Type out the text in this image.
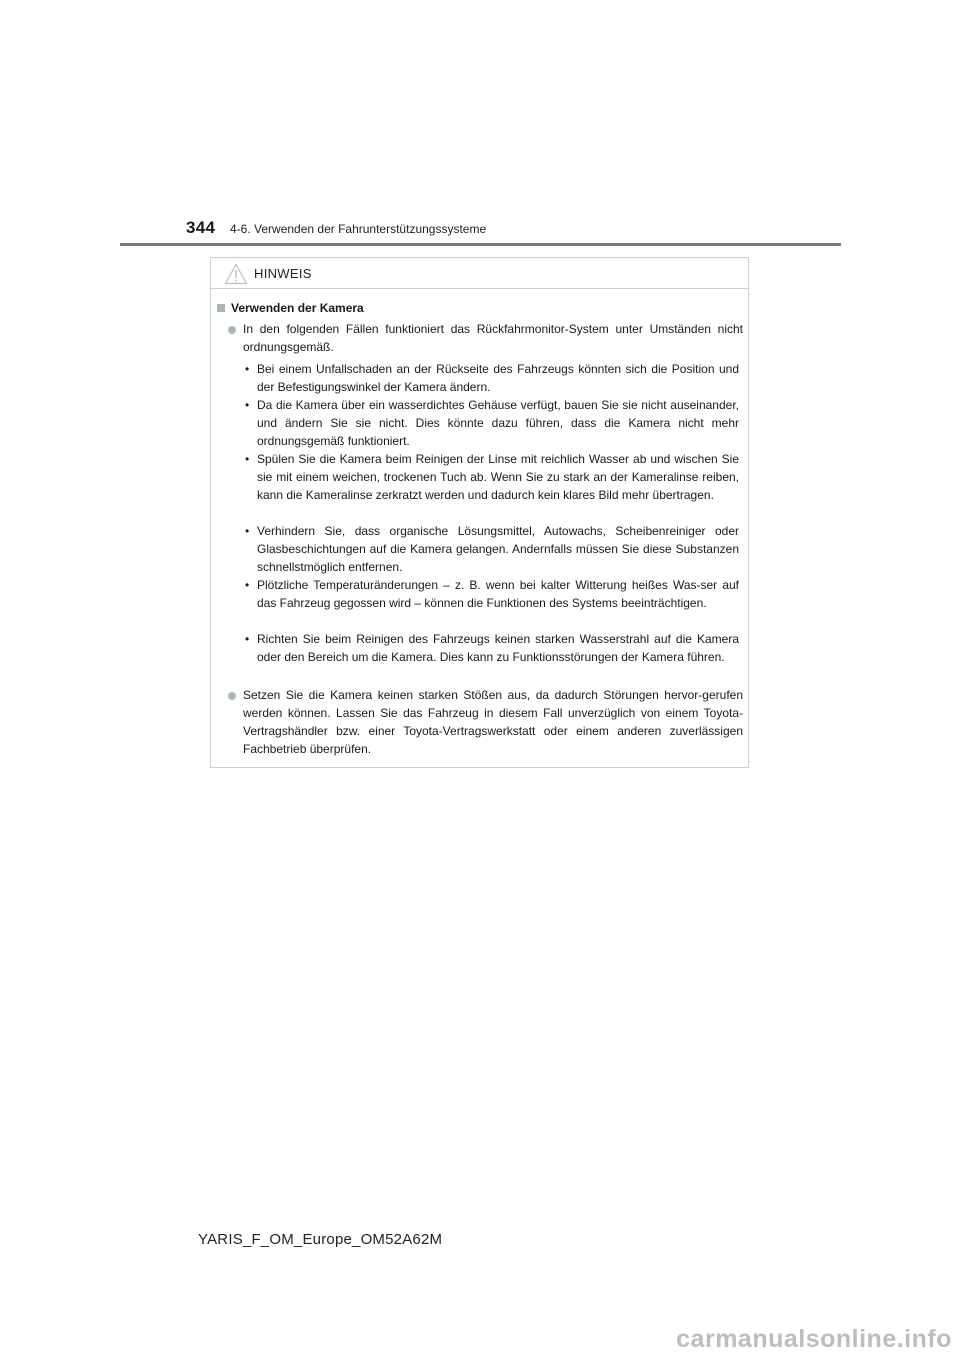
344 4-6. Verwenden der Fahrunterstützungssysteme
HINWEIS
Verwenden der Kamera
In den folgenden Fällen funktioniert das Rückfahrmonitor-System unter Umständen nicht ordnungsgemäß.
• Bei einem Unfallschaden an der Rückseite des Fahrzeugs könnten sich die Position und der Befestigungswinkel der Kamera ändern.
• Da die Kamera über ein wasserdichtes Gehäuse verfügt, bauen Sie sie nicht auseinander, und ändern Sie sie nicht. Dies könnte dazu führen, dass die Kamera nicht mehr ordnungsgemäß funktioniert.
• Spülen Sie die Kamera beim Reinigen der Linse mit reichlich Wasser ab und wischen Sie sie mit einem weichen, trockenen Tuch ab. Wenn Sie zu stark an der Kameralinse reiben, kann die Kameralinse zerkratzt werden und dadurch kein klares Bild mehr übertragen.
• Verhindern Sie, dass organische Lösungsmittel, Autowachs, Scheibenreiniger oder Glasbeschichtungen auf die Kamera gelangen. Andernfalls müssen Sie diese Substanzen schnellstmöglich entfernen.
• Plötzliche Temperaturänderungen – z. B. wenn bei kalter Witterung heißes Was-ser auf das Fahrzeug gegossen wird – können die Funktionen des Systems beeinträchtigen.
• Richten Sie beim Reinigen des Fahrzeugs keinen starken Wasserstrahl auf die Kamera oder den Bereich um die Kamera. Dies kann zu Funktionsstörungen der Kamera führen.
Setzen Sie die Kamera keinen starken Stößen aus, da dadurch Störungen hervor-gerufen werden können. Lassen Sie das Fahrzeug in diesem Fall unverzüglich von einem Toyota-Vertragshändler bzw. einer Toyota-Vertragswerkstatt oder einem anderen zuverlässigen Fachbetrieb überprüfen.
YARIS_F_OM_Europe_OM52A62M
carmanualsonline.info
